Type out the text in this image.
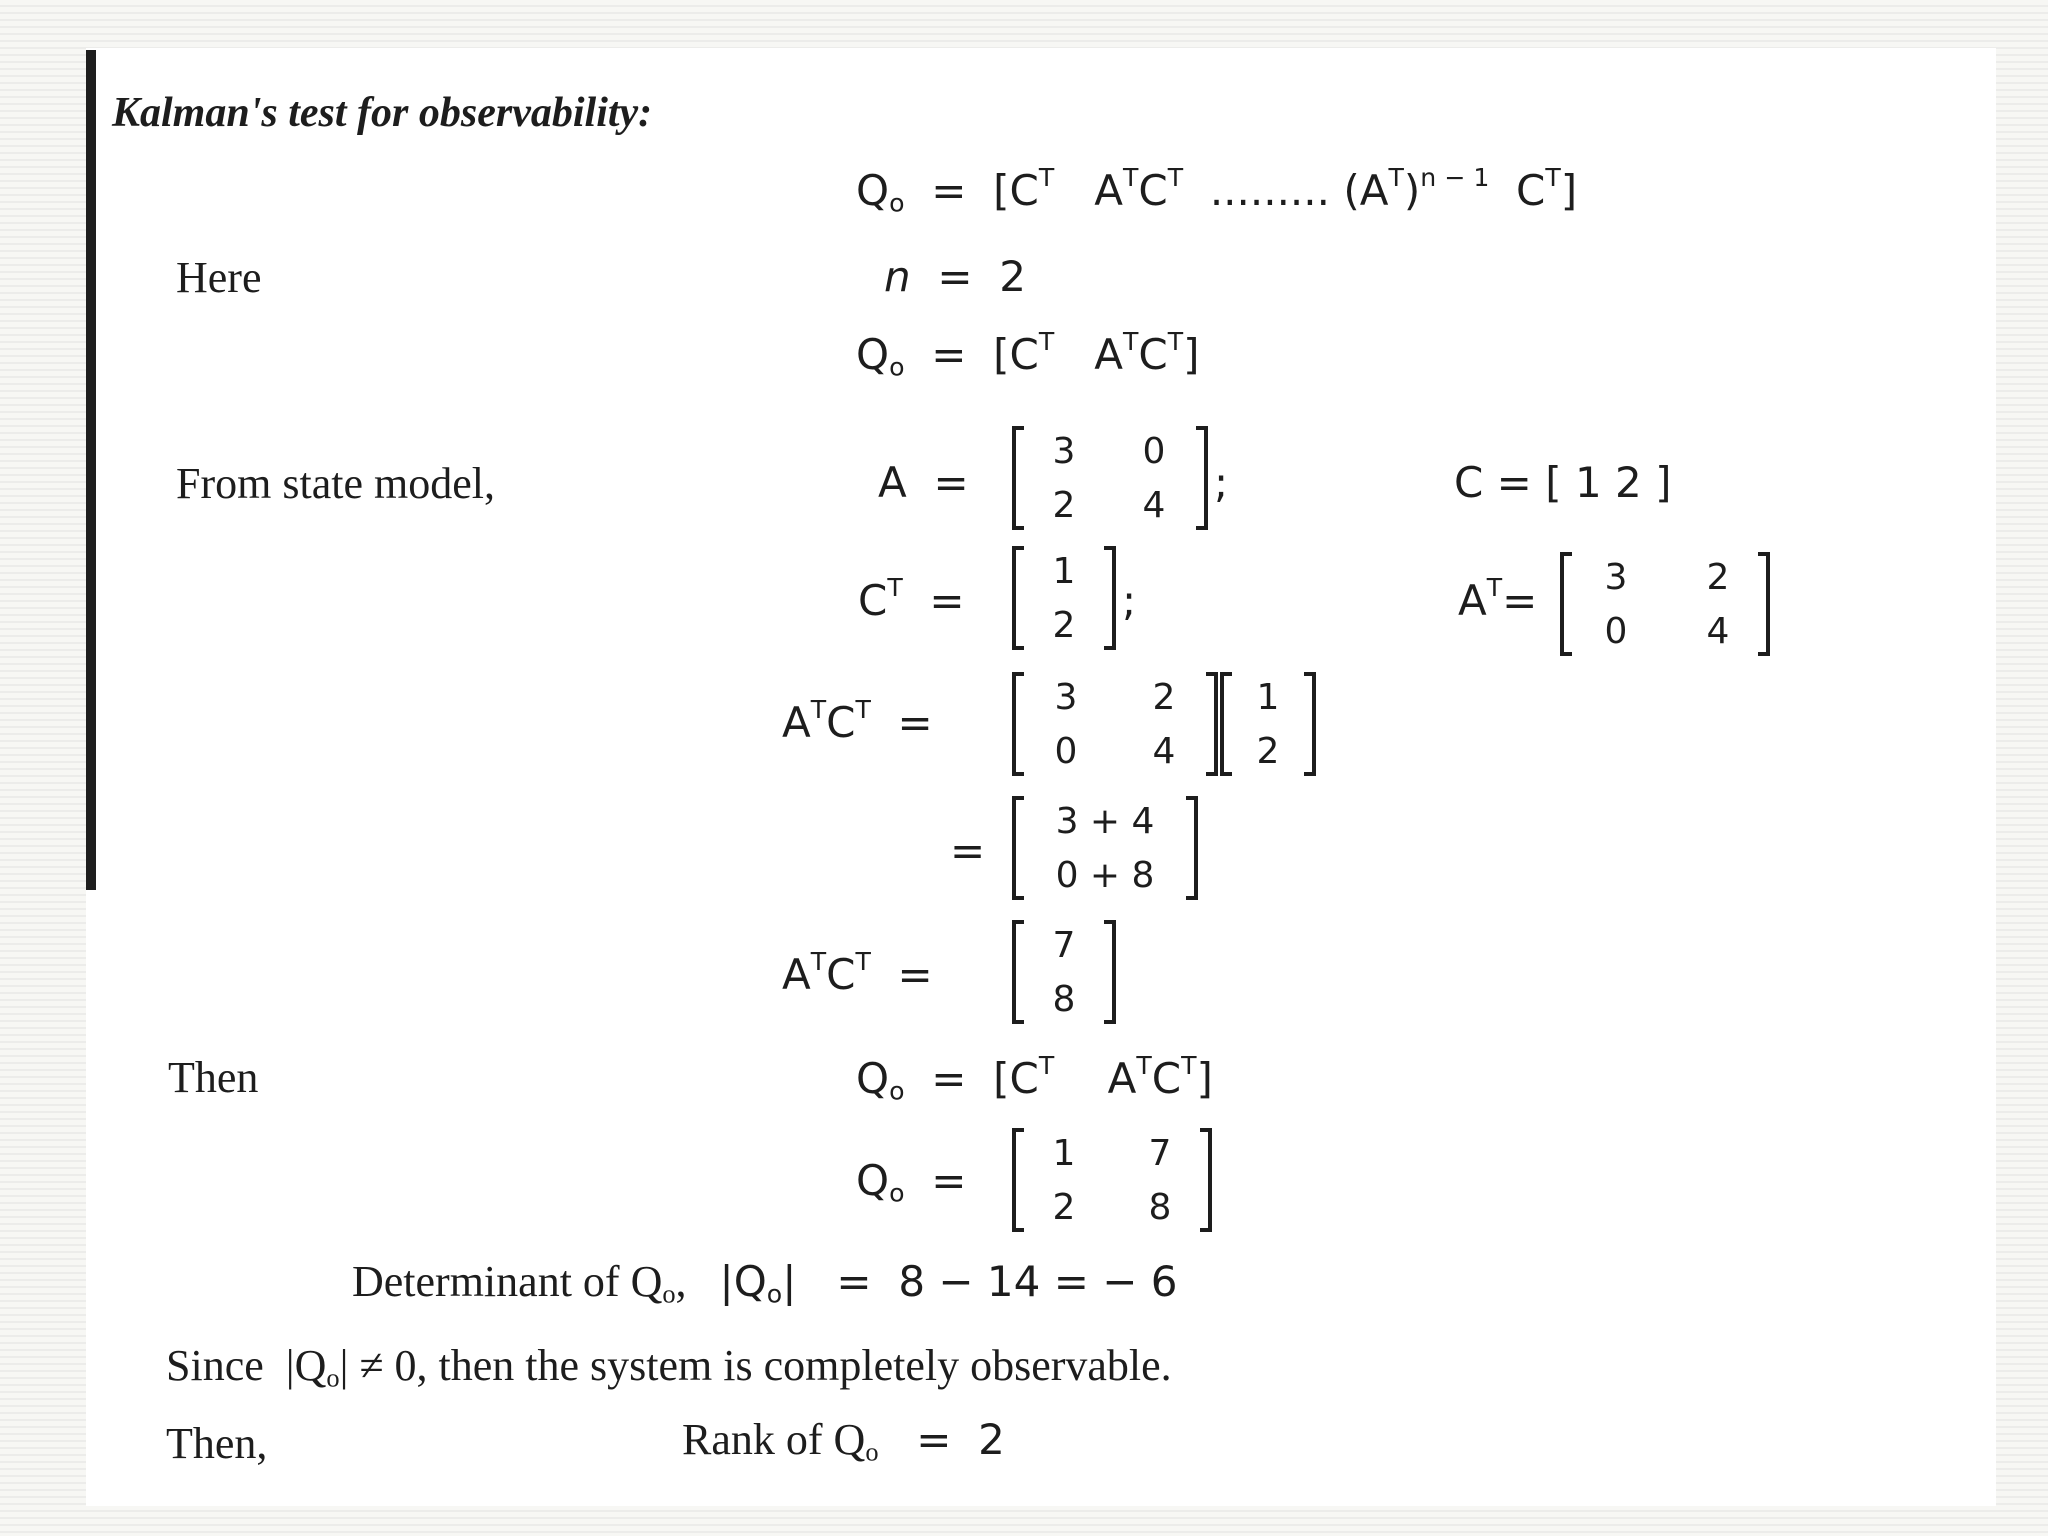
Kalman's test for observability:
$Q_o = [C^T$ $A^TC^T$ ......... $(A^T)^{n - 1}$ $C^T$]
Here	n = 2
$Q_o = [C^T$ $A^TC^T$]
From state model,	A =
3 0
2 4 ;	C = [ 1 2 ]
$C^T$ =
1
2
;	$A^T= 3$ 2
0 4
$A^TC^T$ =
3 2
0 4
1
2
=
3 + 4
0 + 8
$A^TC^T$ =
7
8
Then	$Q_o = [C^T$ $A^TC^T$]
$Q_o$ =
1 7
2 8
Determinant of $Q_o$, $|Q_o| = 8 - 14$ = − 6
Since $|Q_o| \ne 0$, then the system is completely observable.
Then,	Rank of $Q_o = 2$
